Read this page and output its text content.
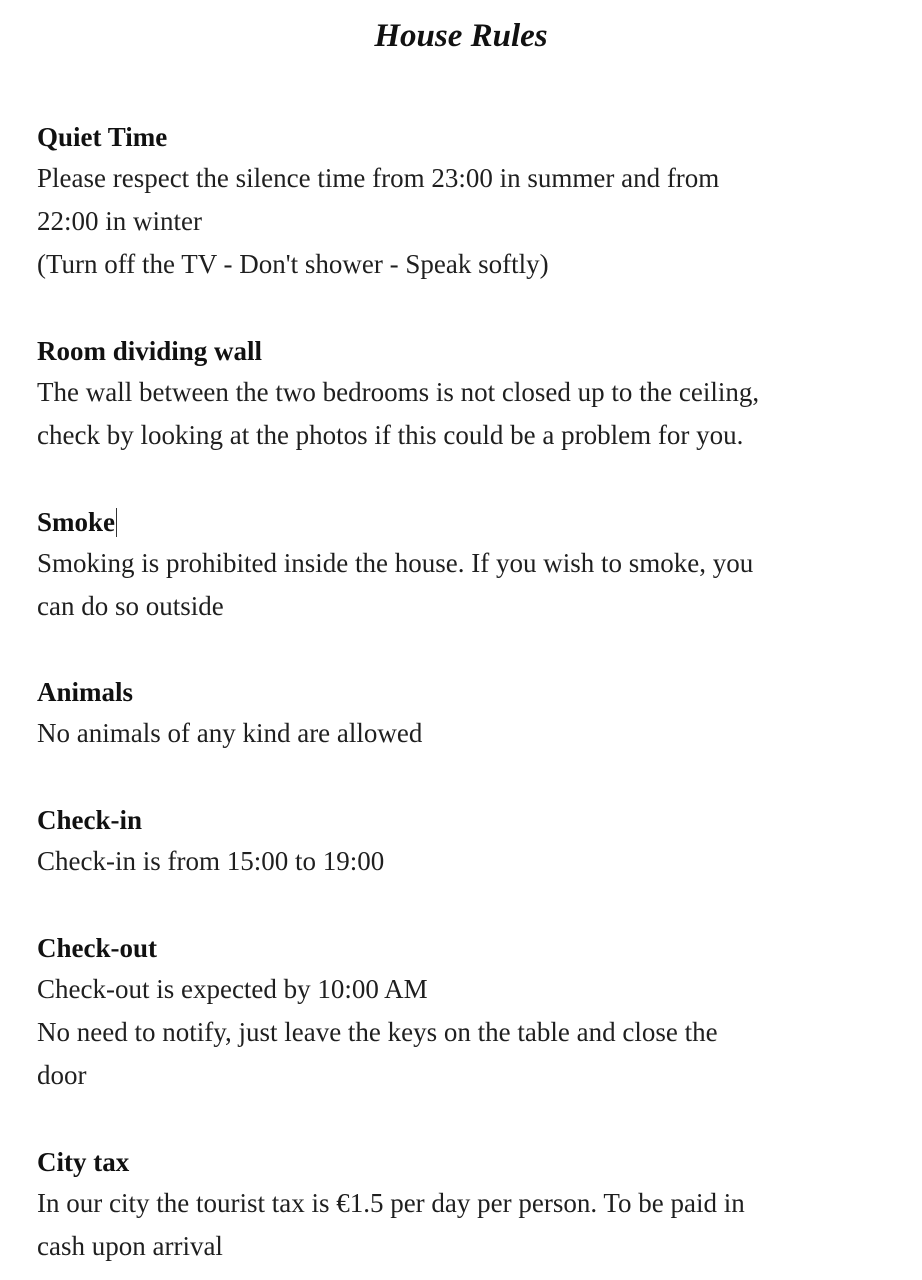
House Rules

Quiet Time

Please respect the silence time from 23:00 in summer and from

22:00 in winter

(Turn off the TV - Don't shower - Speak softly)

Room dividing wall

The wall between the two bedrooms is not closed up to the ceiling,

check by looking at the photos if this could be a problem for you.

Smoke

Smoking is prohibited inside the house. If you wish to smoke, you

can do so outside

Animals

No animals of any kind are allowed

Check-in

Check-in is from 15:00 to 19:00

Check-out

Check-out is expected by 10:00 AM

No need to notify, just leave the keys on the table and close the

door

City tax

In our city the tourist tax is €1.5 per day per person. To be paid in

cash upon arrival
